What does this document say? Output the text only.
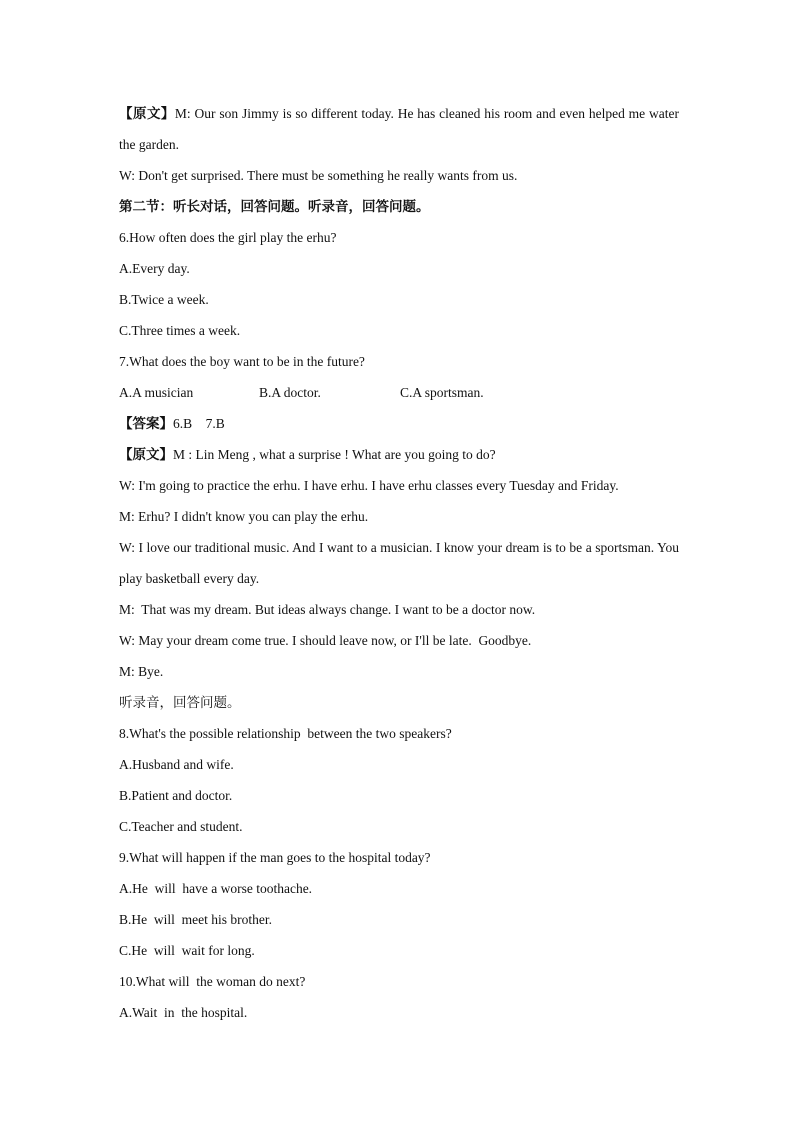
【原文】M: Our son Jimmy is so different today. He has cleaned his room and even helped me water the garden.
W: Don't get surprised. There must be something he really wants from us.
第二节：听长对话，回答问题。听录音，回答问题。
6.How often does the girl play the erhu?
A.Every day.
B.Twice a week.
C.Three times a week.
7.What does the boy want to be in the future?
A.A musician	B.A doctor.	C.A sportsman.
【答案】6.B    7.B
【原文】M : Lin Meng , what a surprise ! What are you going to do?
W: I'm going to practice the erhu. I have erhu. I have erhu classes every Tuesday and Friday.
M: Erhu? I didn't know you can play the erhu.
W: I love our traditional music. And I want to a musician. I know your dream is to be a sportsman. You play basketball every day.
M:  That was my dream. But ideas always change. I want to be a doctor now.
W: May your dream come true. I should leave now, or I'll be late.  Goodbye.
M: Bye.
听录音，回答问题。
8.What's the possible relationship  between the two speakers?
A.Husband and wife.
B.Patient and doctor.
C.Teacher and student.
9.What will happen if the man goes to the hospital today?
A.He  will  have a worse toothache.
B.He  will  meet his brother.
C.He  will  wait for long.
10.What will  the woman do next?
A.Wait  in  the hospital.
